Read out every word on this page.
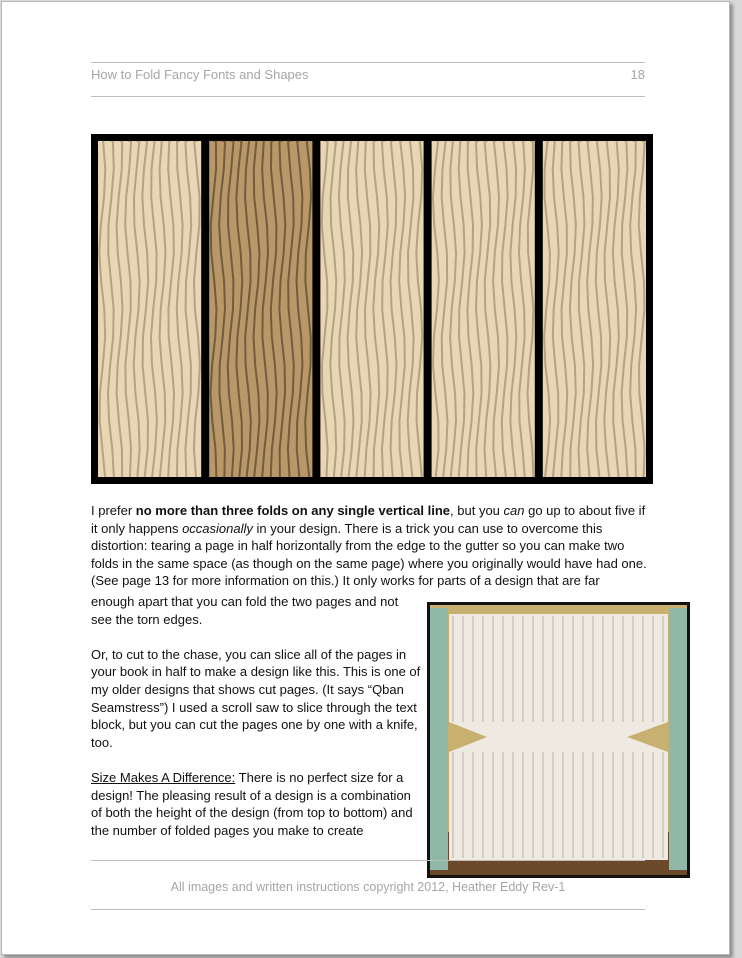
How to Fold Fancy Fonts and Shapes	18

I prefer no more than three folds on any single vertical line, but you can go up to about five if it only happens occasionally in your design. There is a trick you can use to overcome this distortion: tearing a page in half horizontally from the edge to the gutter so you can make two folds in the same space (as though on the same page) where you originally would have had one. (See page 13 for more information on this.) It only works for parts of a design that are far

enough apart that you can fold the two pages and not see the torn edges.

Or, to cut to the chase, you can slice all of the pages in your book in half to make a design like this. This is one of my older designs that shows cut pages. (It says “Qban Seamstress”) I used a scroll saw to slice through the text block, but you can cut the pages one by one with a knife, too.

Size Makes A Difference: There is no perfect size for a design! The pleasing result of a design is a combination of both the height of the design (from top to bottom) and the number of folded pages you make to create

All images and written instructions copyright 2012, Heather Eddy Rev-1
